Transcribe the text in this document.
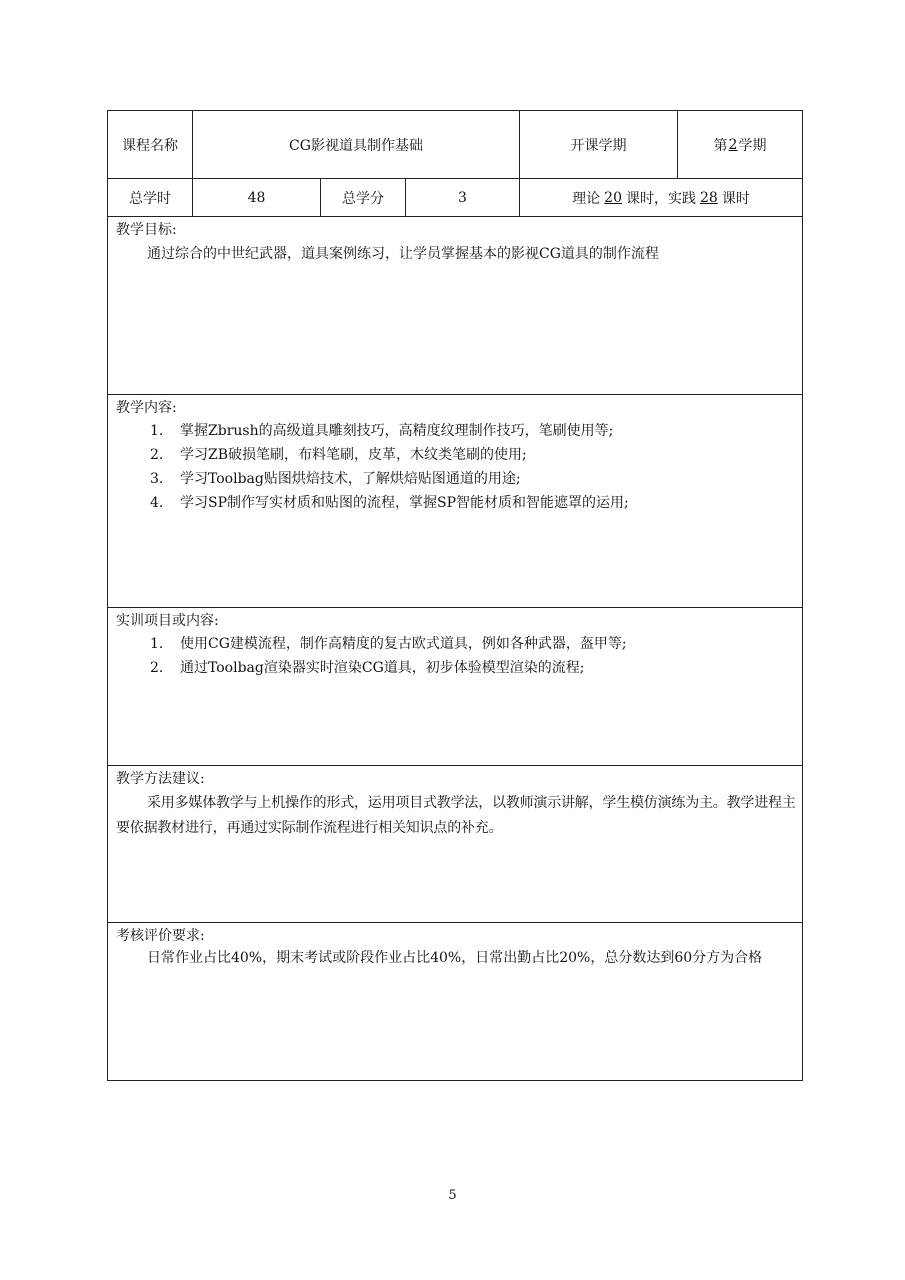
课程名称	CG影视道具制作基础	开课学期	第 2 学期
总学时	48	总学分	3	理论 20 课时，实践 28 课时
教学目标:
通过综合的中世纪武器，道具案例练习，让学员掌握基本的影视CG道具的制作流程
教学内容:
1. 掌握Zbrush的高级道具雕刻技巧，高精度纹理制作技巧，笔刷使用等;
2. 学习ZB破损笔刷，布料笔刷，皮革，木纹类笔刷的使用;
3. 学习Toolbag贴图烘焙技术，了解烘焙贴图通道的用途;
4. 学习SP制作写实材质和贴图的流程，掌握SP智能材质和智能遮罩的运用;
实训项目或内容:
1. 使用CG建模流程，制作高精度的复古欧式道具，例如各种武器，盔甲等;
2. 通过Toolbag渲染器实时渲染CG道具，初步体验模型渲染的流程;
教学方法建议:
采用多媒体教学与上机操作的形式，运用项目式教学法，以教师演示讲解，学生模仿演练为主。教学进程主要依据教材进行，再通过实际制作流程进行相关知识点的补充。
考核评价要求:
日常作业占比40%，期末考试或阶段作业占比40%，日常出勤占比20%，总分数达到60分方为合格
5
